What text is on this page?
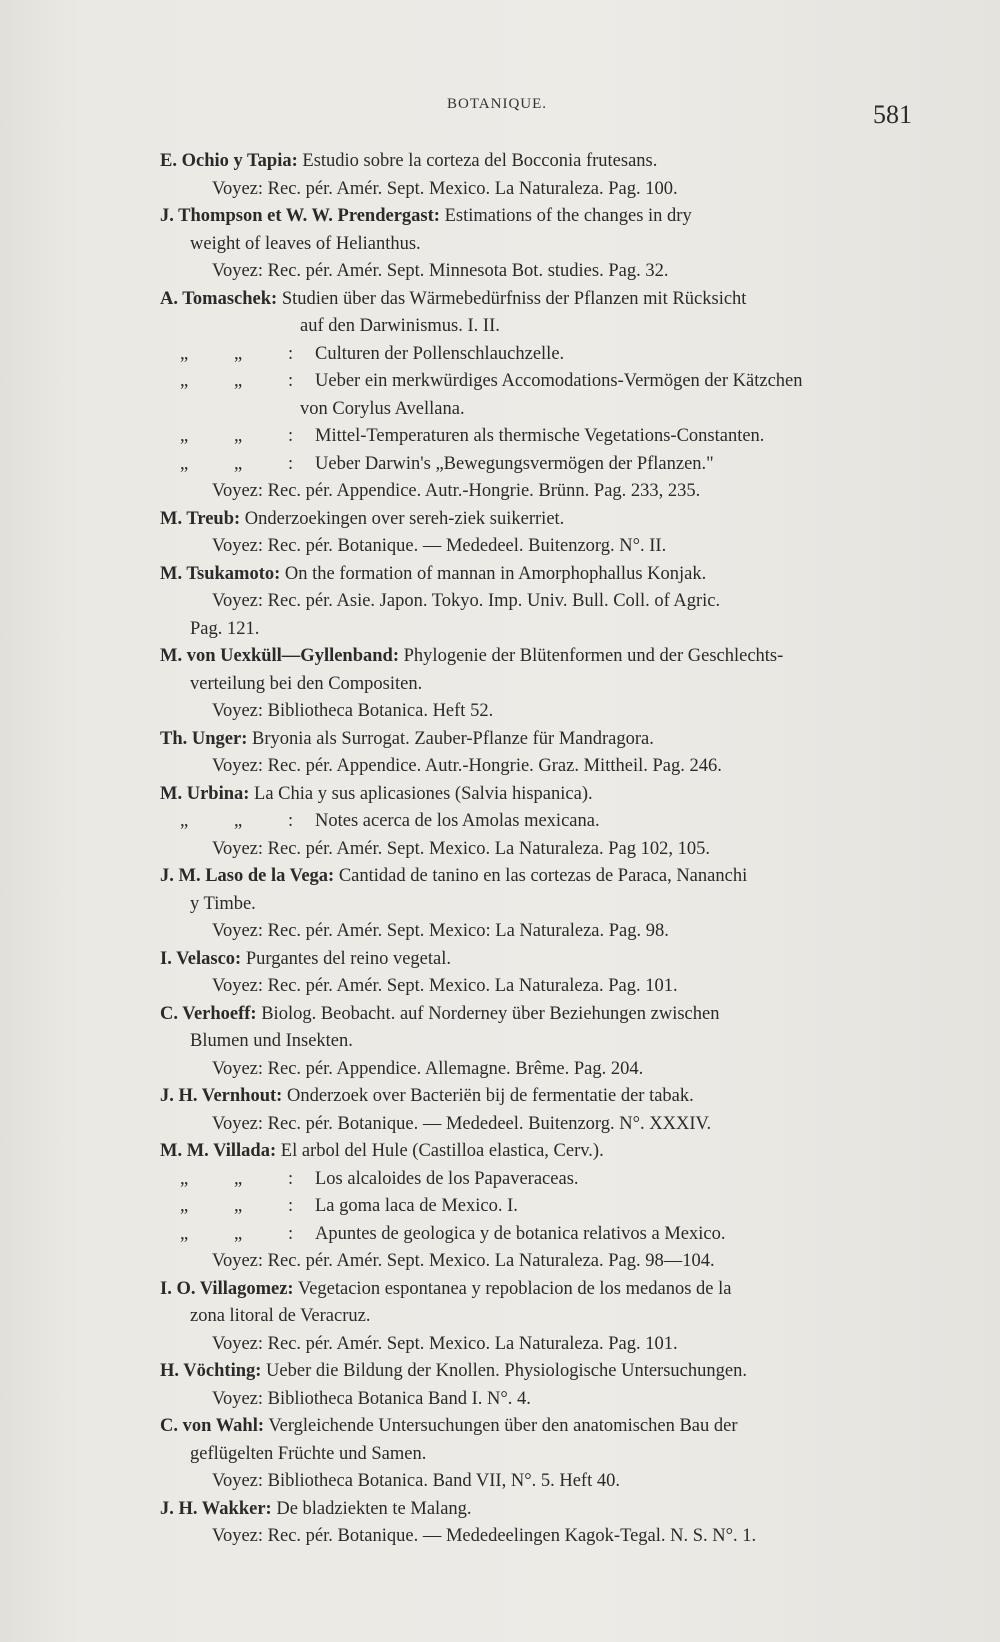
BOTANIQUE.	581
E. Ochio y Tapia: Estudio sobre la corteza del Bocconia frutesans.
Voyez: Rec. pér. Amér. Sept. Mexico. La Naturaleza. Pag. 100.
J. Thompson et W. W. Prendergast: Estimations of the changes in dry
weight of leaves of Helianthus.
Voyez: Rec. pér. Amér. Sept. Minnesota Bot. studies. Pag. 32.
A. Tomaschek: Studien über das Wärmebedürfniss der Pflanzen mit Rücksicht
auf den Darwinismus. I. II.
„ „ : Culturen der Pollenschlauchzelle.
„ „ : Ueber ein merkwürdiges Accomodations-Vermögen der Kätzchen
von Corylus Avellana.
„ „ : Mittel-Temperaturen als thermische Vegetations-Constanten.
„ „ : Ueber Darwin's „Bewegungsvermögen der Pflanzen."
Voyez: Rec. pér. Appendice. Autr.-Hongrie. Brünn. Pag. 233, 235.
M. Treub: Onderzoekingen over sereh-ziek suikerriet.
Voyez: Rec. pér. Botanique. — Mededeel. Buitenzorg. N°. II.
M. Tsukamoto: On the formation of mannan in Amorphophallus Konjak.
Voyez: Rec. pér. Asie. Japon. Tokyo. Imp. Univ. Bull. Coll. of Agric.
Pag. 121.
M. von Uexküll—Gyllenband: Phylogenie der Blütenformen und der Geschlechts-
verteilung bei den Compositen.
Voyez: Bibliotheca Botanica. Heft 52.
Th. Unger: Bryonia als Surrogat. Zauber-Pflanze für Mandragora.
Voyez: Rec. pér. Appendice. Autr.-Hongrie. Graz. Mittheil. Pag. 246.
M. Urbina: La Chia y sus aplicasiones (Salvia hispanica).
„ „ : Notes acerca de los Amolas mexicana.
Voyez: Rec. pér. Amér. Sept. Mexico. La Naturaleza. Pag 102, 105.
J. M. Laso de la Vega: Cantidad de tanino en las cortezas de Paraca, Nananchi
y Timbe.
Voyez: Rec. pér. Amér. Sept. Mexico: La Naturaleza. Pag. 98.
I. Velasco: Purgantes del reino vegetal.
Voyez: Rec. pér. Amér. Sept. Mexico. La Naturaleza. Pag. 101.
C. Verhoeff: Biolog. Beobacht. auf Norderney über Beziehungen zwischen
Blumen und Insekten.
Voyez: Rec. pér. Appendice. Allemagne. Brême. Pag. 204.
J. H. Vernhout: Onderzoek over Bacteriën bij de fermentatie der tabak.
Voyez: Rec. pér. Botanique. — Mededeel. Buitenzorg. N°. XXXIV.
M. M. Villada: El arbol del Hule (Castilloa elastica, Cerv.).
„ „ : Los alcaloides de los Papaveraceas.
„ „ : La goma laca de Mexico. I.
„ „ : Apuntes de geologica y de botanica relativos a Mexico.
Voyez: Rec. pér. Amér. Sept. Mexico. La Naturaleza. Pag. 98—104.
I. O. Villagomez: Vegetacion espontanea y repoblacion de los medanos de la
zona litoral de Veracruz.
Voyez: Rec. pér. Amér. Sept. Mexico. La Naturaleza. Pag. 101.
H. Vöchting: Ueber die Bildung der Knollen. Physiologische Untersuchungen.
Voyez: Bibliotheca Botanica Band I. N°. 4.
C. von Wahl: Vergleichende Untersuchungen über den anatomischen Bau der
geflügelten Früchte und Samen.
Voyez: Bibliotheca Botanica. Band VII, N°. 5. Heft 40.
J. H. Wakker: De bladziekten te Malang.
Voyez: Rec. pér. Botanique. — Mededeelingen Kagok-Tegal. N. S. N°. 1.
